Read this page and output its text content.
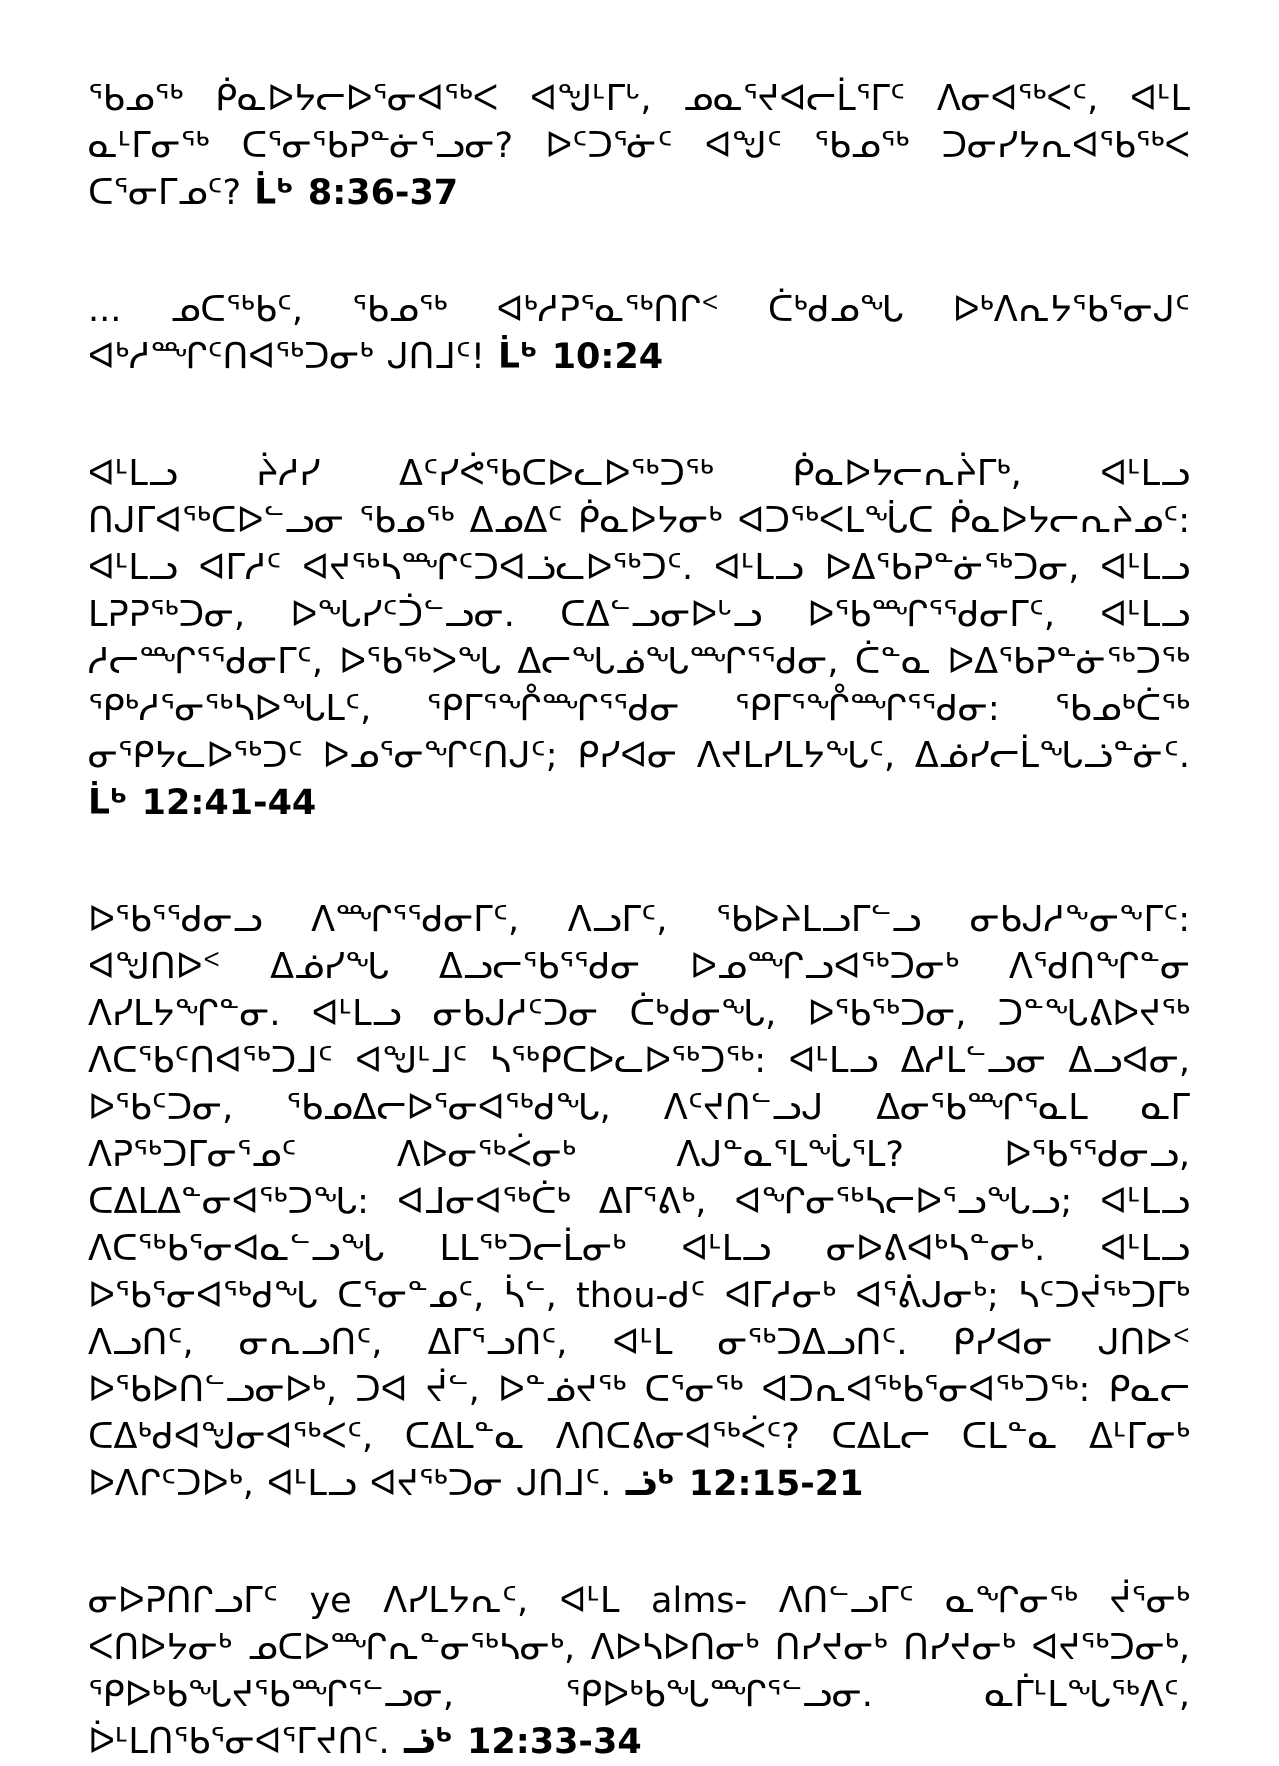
ᖃᓄᖅ ᑮᓇᐅᔭᓕᐅᕐᓂᐊᖅᐸ ᐊᖑᒻᒥᒡ, ᓄᓇᕐᔪᐊᓕᒫᕐᒥᑦ ᐱᓂᐊᖅᐸᑦ, ᐊᒻᒪ ᓇᒻᒥᓂᖅ ᑕᕐᓂᖃᕈᓐᓃᕐᓗᓂ? ᐅᑦᑐᕐᓃᑦ ᐊᖑᑦ ᖃᓄᖅ ᑐᓂᓯᔭᕆᐊᖃᖅᐸ ᑕᕐᓂᒥᓄᑦ? ᒫᒃ 8:36-37

... ᓄᑕᖅᑲᑦ, ᖃᓄᖅ ᐊᒃᓱᕈᕐᓇᖅᑎᒋᑉ ᑖᒃᑯᓄᖓ ᐅᒃᐱᕆᔭᖃᕐᓂᒍᑦ ᐊᒃᓱᙱᑦᑎᐊᖅᑐᓂᒃ ᒍᑎᒧᑦ! ᒫᒃ 10:24

ᐊᒻᒪᓗ ᔩᓱᓯ ᐃᑦᓯᕚᖃᑕᐅᓚᐅᖅᑐᖅ ᑮᓇᐅᔭᓕᕆᔩᒥᒃ, ᐊᒻᒪᓗ ᑎᒍᒥᐊᖅᑕᐅᓪᓗᓂ ᖃᓄᖅ ᐃᓄᐃᑦ ᑮᓇᐅᔭᓂᒃ ᐊᑐᖅᐸᒪᖔᑕ ᑮᓇᐅᔭᓕᕆᔨᓄᑦ: ᐊᒻᒪᓗ ᐊᒥᓱᑦ ᐊᔪᖅᓴᙱᑦᑐᐊᓘᓚᐅᖅᑐᑦ. ᐊᒻᒪᓗ ᐅᐃᖃᕈᓐᓃᖅᑐᓂ, ᐊᒻᒪᓗ ᒪᕈᕈᖅᑐᓂ, ᐅᖓᓯᑦᑑᓪᓗᓂ. ᑕᐃᓪᓗᓂᐅᒡᓗ ᐅᖃᙱᕐᖁᓂᒥᑦ, ᐊᒻᒪᓗ ᓱᓕᙱᕐᖁᓂᒥᑦ, ᐅᖃᖅᐳᖓ ᐃᓕᖓᓅᖓᙱᕐᖁᓂ, ᑖᓐᓇ ᐅᐃᖃᕈᓐᓃᖅᑐᖅ ᕿᒃᓱᕐᓂᖅᓴᐅᖓᒪᑦ, ᕿᒥᕐᖎᙱᕐᖁᓂ ᕿᒥᕐᖎᙱᕐᖁᓂ: ᖃᓄᒃᑖᖅ ᓂᕿᔭᓚᐅᖅᑐᑦ ᐅᓄᕐᓂᖏᑦᑎᒍᑦ; ᑭᓯᐊᓂ ᐱᔪᒪᓯᒪᔭᖓᑦ, ᐃᓅᓯᓕᒫᖓᓘᓐᓃᑦ. ᒫᒃ 12:41-44

ᐅᖃᕐᖁᓂᓗ ᐱᙱᕐᖁᓂᒥᑦ, ᐱᓗᒥᑦ, ᖃᐅᔨᒪᓗᒥᓪᓗ ᓂᑲᒍᓱᖕᓂᖕᒥᑦ: ᐊᖑᑎᐅᑉ ᐃᓅᓯᖓ ᐃᓗᓕᖃᕐᖁᓂ ᐅᓄᙱᓗᐊᖅᑐᓂᒃ ᐱᖁᑎᖏᓐᓂ ᐱᓯᒪᔭᖏᓐᓂ. ᐊᒻᒪᓗ ᓂᑲᒍᓱᑦᑐᓂ ᑖᒃᑯᓂᖓ, ᐅᖃᖅᑐᓂ, ᑐᓐᖓᕕᐅᔪᖅ ᐱᑕᖃᑦᑎᐊᖅᑐᒧᑦ ᐊᖑᒻᒧᑦ ᓴᖅᑭᑕᐅᓚᐅᖅᑐᖅ: ᐊᒻᒪᓗ ᐃᓱᒪᓪᓗᓂ ᐃᓗᐊᓂ, ᐅᖃᑦᑐᓂ, ᖃᓄᐃᓕᐅᕐᓂᐊᖅᑯᖓ, ᐱᑦᔪᑎᓪᓗᒍ ᐃᓂᖃᙱᕐᓇᒪ ᓇᒥ ᐱᕈᖅᑐᒥᓂᕐᓄᑦ ᐱᐅᓂᖅᐹᓂᒃ ᐱᒍᓐᓇᕐᒪᖔᕐᒪ? ᐅᖃᕐᖁᓂᓗ, ᑕᐃᒪᐃᓐᓂᐊᖅᑐᖓ: ᐊᒧᓂᐊᖅᑖᒃ ᐃᒥᕐᕕᒃ, ᐊᖏᓂᖅᓴᓕᐅᕐᓗᖓᓗ; ᐊᒻᒪᓗ ᐱᑕᖅᑲᕐᓂᐊᓇᓪᓗᖓ ᒪᒪᖅᑐᓕᒫᓂᒃ ᐊᒻᒪᓗ ᓂᐅᕕᐊᒃᓴᓐᓂᒃ. ᐊᒻᒪᓗ ᐅᖃᕐᓂᐊᖅᑯᖓ ᑕᕐᓂᓐᓄᑦ, ᓵᓪ, thou-ᑯᑦ ᐊᒥᓱᓂᒃ ᐊᕐᕖᒍᓂᒃ; ᓴᑦᑐᔫᖅᑐᒥᒃ ᐱᓗᑎᑦ, ᓂᕆᓗᑎᑦ, ᐃᒥᕐᓗᑎᑦ, ᐊᒻᒪ ᓂᖅᑐᐃᓗᑎᑦ. ᑭᓯᐊᓂ ᒍᑎᐅᑉ ᐅᖃᐅᑎᓪᓗᓂᐅᒃ, ᑐᐊ ᔫᓪ, ᐅᓐᓅᔪᖅ ᑕᕐᓂᖅ ᐊᑐᕆᐊᖅᑲᕐᓂᐊᖅᑐᖅ: ᑭᓇᓕ ᑕᐃᒃᑯᐊᖑᓂᐊᖅᐸᑦ, ᑕᐃᒪᓐᓇ ᐱᑎᑕᕕᓂᐊᖅᐹᑦ? ᑕᐃᒪᓕ ᑕᒪᓐᓇ ᐃᒻᒥᓂᒃ ᐅᐱᒋᑦᑐᐅᒃ, ᐊᒻᒪᓗ ᐊᔪᖅᑐᓂ ᒍᑎᒧᑦ. ᓘᒃ 12:15-21

ᓂᐅᕈᑎᒋᓗᒥᑦ ye ᐱᓯᒪᔭᕆᑦ, ᐊᒻᒪ alms- ᐱᑎᓪᓗᒥᑦ ᓇᖏᓂᖅ ᔫᕐᓂᒃ ᐸᑎᐅᔭᓂᒃ ᓄᑕᐅᙱᕆᓐᓂᖅᓴᓂᒃ, ᐱᐅᓴᐅᑎᓂᒃ ᑎᓯᔪᓂᒃ ᑎᓯᔪᓂᒃ ᐊᔪᖅᑐᓂᒃ, ᕿᐅᒃᑲᖓᔪᖃᙱᕐᓪᓗᓂ, ᕿᐅᒃᑲᖓᙱᕐᓪᓗᓂ. ᓇᒦᒻᒪᖓᖅᐱᑦ, ᐆᒻᒪᑎᖃᕐᓂᐊᕐᒥᔪᑎᑦ. ᓘᒃ 12:33-34
